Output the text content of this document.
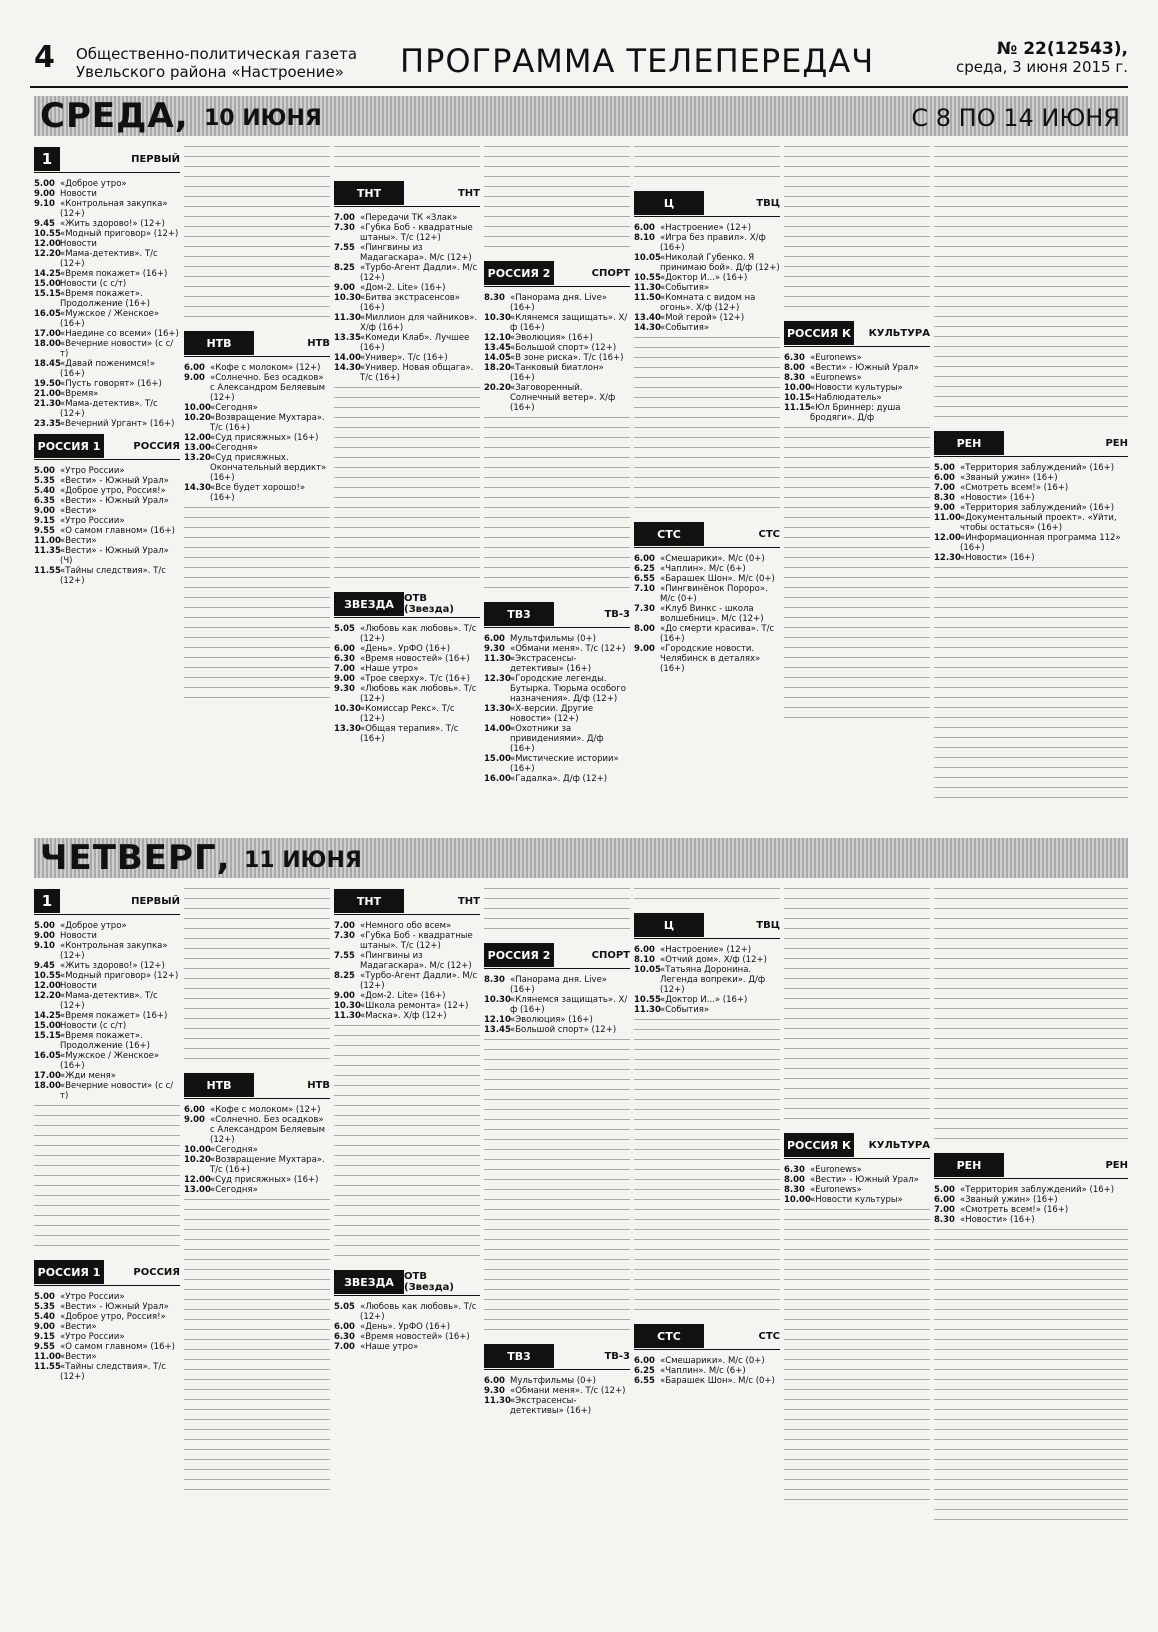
4 Общественно-политическая газета
Увельского района «Настроение»	ПРОГРАММА ТЕЛЕПЕРЕДАЧ	№ 22(12543),
среда, 3 июня 2015 г.
СРЕДА, 10 ИЮНЯ	С 8 ПО 14 ИЮНЯ
1	ПЕРВЫЙ
5.00 «Доброе утро»
9.00 Новости
9.10 «Контрольная закупка» (12+)
9.45 «Жить здорово!» (12+)
10.55 «Модный приговор» (12+)
12.00 Новости
12.20 «Мама-детектив». Т/с (12+)
14.25 «Время покажет» (16+)
15.00 Новости (с с/т)
15.15 «Время покажет». Продолжение (16+)
16.05 «Мужское / Женское» (16+)
17.00 «Наедине со всеми» (16+)
18.00 «Вечерние новости» (с с/т)
18.45 «Давай поженимся!» (16+)
19.50 «Пусть говорят» (16+)
21.00 «Время»
21.30 «Мама-детектив». Т/с (12+)
23.35 «Вечерний Ургант» (16+)
РОССИЯ 1	РОССИЯ
5.00 «Утро России»
5.35 «Вести» - Южный Урал»
5.40 «Доброе утро, Россия!»
6.35 «Вести» - Южный Урал»
9.00 «Вести»
9.15 «Утро России»
9.55 «О самом главном» (16+)
11.00 «Вести»
11.35 «Вести» - Южный Урал» (Ч)
11.55 «Тайны следствия». Т/с (12+)
НТВ	НТВ
6.00 «Кофе с молоком» (12+)
9.00 «Солнечно. Без осадков» с Александром Беляевым (12+)
10.00 «Сегодня»
10.20 «Возвращение Мухтара». Т/с (16+)
12.00 «Суд присяжных» (16+)
13.00 «Сегодня»
13.20 «Суд присяжных. Окончательный вердикт» (16+)
14.30 «Все будет хорошо!» (16+)
ТНТ	ТНТ
7.00 «Передачи ТК «Злак»
7.30 «Губка Боб - квадратные штаны». Т/с (12+)
7.55 «Пингвины из Мадагаскара». М/с (12+)
8.25 «Турбо-Агент Дадли». М/с (12+)
9.00 «Дом-2. Lite» (16+)
10.30 «Битва экстрасенсов» (16+)
11.30 «Миллион для чайников». Х/ф (16+)
13.35 «Комеди Клаб». Лучшее (16+)
14.00 «Универ». Т/с (16+)
14.30 «Универ. Новая общага». Т/с (16+)
ЗВЕЗДА	ОТВ (Звезда)
5.05 «Любовь как любовь». Т/с (12+)
6.00 «День». УрФО (16+)
6.30 «Время новостей» (16+)
7.00 «Наше утро»
9.00 «Трое сверху». Т/с (16+)
9.30 «Любовь как любовь». Т/с (12+)
10.30 «Комиссар Рекс». Т/с (12+)
13.30 «Общая терапия». Т/с (16+)
РОССИЯ 2	СПОРТ
8.30 «Панорама дня. Live» (16+)
10.30 «Клянемся защищать». Х/ф (16+)
12.10 «Эволюция» (16+)
13.45 «Большой спорт» (12+)
14.05 «В зоне риска». Т/с (16+)
18.20 «Танковый биатлон» (16+)
20.20 «Заговоренный. Солнечный ветер». Х/ф (16+)
ТВ3	ТВ-3
6.00 Мультфильмы (0+)
9.30 «Обмани меня». Т/с (12+)
11.30 «Экстрасенсы-детективы» (16+)
12.30 «Городские легенды. Бутырка. Тюрьма особого назначения». Д/ф (12+)
13.30 «Х-версии. Другие новости» (12+)
14.00 «Охотники за привидениями». Д/ф (16+)
15.00 «Мистические истории» (16+)
16.00 «Гадалка». Д/ф (12+)
Ц	ТВЦ
6.00 «Настроение» (12+)
8.10 «Игра без правил». Х/ф (16+)
10.05 «Николай Губенко. Я принимаю бой». Д/ф (12+)
10.55 «Доктор И...» (16+)
11.30 «События»
11.50 «Комната с видом на огонь». Х/ф (12+)
13.40 «Мой герой» (12+)
14.30 «События»
СТС	СТС
6.00 «Смешарики». М/с (0+)
6.25 «Чаплин». М/с (6+)
6.55 «Барашек Шон». М/с (0+)
7.10 «Пингвинёнок Пороро». М/с (0+)
7.30 «Клуб Винкс - школа волшебниц». М/с (12+)
8.00 «До смерти красива». Т/с (16+)
9.00 «Городские новости. Челябинск в деталях» (16+)
РОССИЯ К КУЛЬТУРА
6.30 «Euronews»
8.00 «Вести» - Южный Урал»
8.30 «Euronews»
10.00 «Новости культуры»
10.15 «Наблюдатель»
11.15 «Юл Бриннер: душа бродяги». Д/ф
РЕН	РЕН
5.00 «Территория заблуждений» (16+)
6.00 «Званый ужин» (16+)
7.00 «Смотреть всем!» (16+)
8.30 «Новости» (16+)
9.00 «Территория заблуждений» (16+)
11.00 «Документальный проект». «Уйти, чтобы остаться» (16+)
12.00 «Информационная программа 112» (16+)
12.30 «Новости» (16+)
ЧЕТВЕРГ, 11 ИЮНЯ
1	ПЕРВЫЙ
5.00 «Доброе утро»
9.00 Новости
9.10 «Контрольная закупка» (12+)
9.45 «Жить здорово!» (12+)
10.55 «Модный приговор» (12+)
12.00 Новости
12.20 «Мама-детектив». Т/с (12+)
14.25 «Время покажет» (16+)
15.00 Новости (с с/т)
15.15 «Время покажет». Продолжение (16+)
16.05 «Мужское / Женское» (16+)
17.00 «Жди меня»
18.00 «Вечерние новости» (с с/т)
РОССИЯ 1	РОССИЯ
5.00 «Утро России»
5.35 «Вести» - Южный Урал»
5.40 «Доброе утро, Россия!»
9.00 «Вести»
9.15 «Утро России»
9.55 «О самом главном» (16+)
11.00 «Вести»
11.55 «Тайны следствия». Т/с (12+)
НТВ	НТВ
6.00 «Кофе с молоком» (12+)
9.00 «Солнечно. Без осадков» с Александром Беляевым (12+)
10.00 «Сегодня»
10.20 «Возвращение Мухтара». Т/с (16+)
12.00 «Суд присяжных» (16+)
13.00 «Сегодня»
ТНТ	ТНТ
7.00 «Немного обо всем»
7.30 «Губка Боб - квадратные штаны». Т/с (12+)
7.55 «Пингвины из Мадагаскара». М/с (12+)
8.25 «Турбо-Агент Дадли». М/с (12+)
9.00 «Дом-2. Lite» (16+)
10.30 «Школа ремонта» (12+)
11.30 «Маска». Х/ф (12+)
ЗВЕЗДА	ОТВ (Звезда)
5.05 «Любовь как любовь». Т/с (12+)
6.00 «День». УрФО (16+)
6.30 «Время новостей» (16+)
7.00 «Наше утро»
РОССИЯ 2	СПОРТ
8.30 «Панорама дня. Live» (16+)
10.30 «Клянемся защищать». Х/ф (16+)
12.10 «Эволюция» (16+)
13.45 «Большой спорт» (12+)
ТВ3	ТВ-3
6.00 Мультфильмы (0+)
9.30 «Обмани меня». Т/с (12+)
11.30 «Экстрасенсы-детективы» (16+)
Ц	ТВЦ
6.00 «Настроение» (12+)
8.10 «Отчий дом». Х/ф (12+)
10.05 «Татьяна Доронина. Легенда вопреки». Д/ф (12+)
10.55 «Доктор И...» (16+)
11.30 «События»
СТС	СТС
6.00 «Смешарики». М/с (0+)
6.25 «Чаплин». М/с (6+)
6.55 «Барашек Шон». М/с (0+)
РОССИЯ К КУЛЬТУРА
6.30 «Euronews»
8.00 «Вести» - Южный Урал»
8.30 «Euronews»
10.00 «Новости культуры»
РЕН	РЕН
5.00 «Территория заблуждений» (16+)
6.00 «Званый ужин» (16+)
7.00 «Смотреть всем!» (16+)
8.30 «Новости» (16+)
